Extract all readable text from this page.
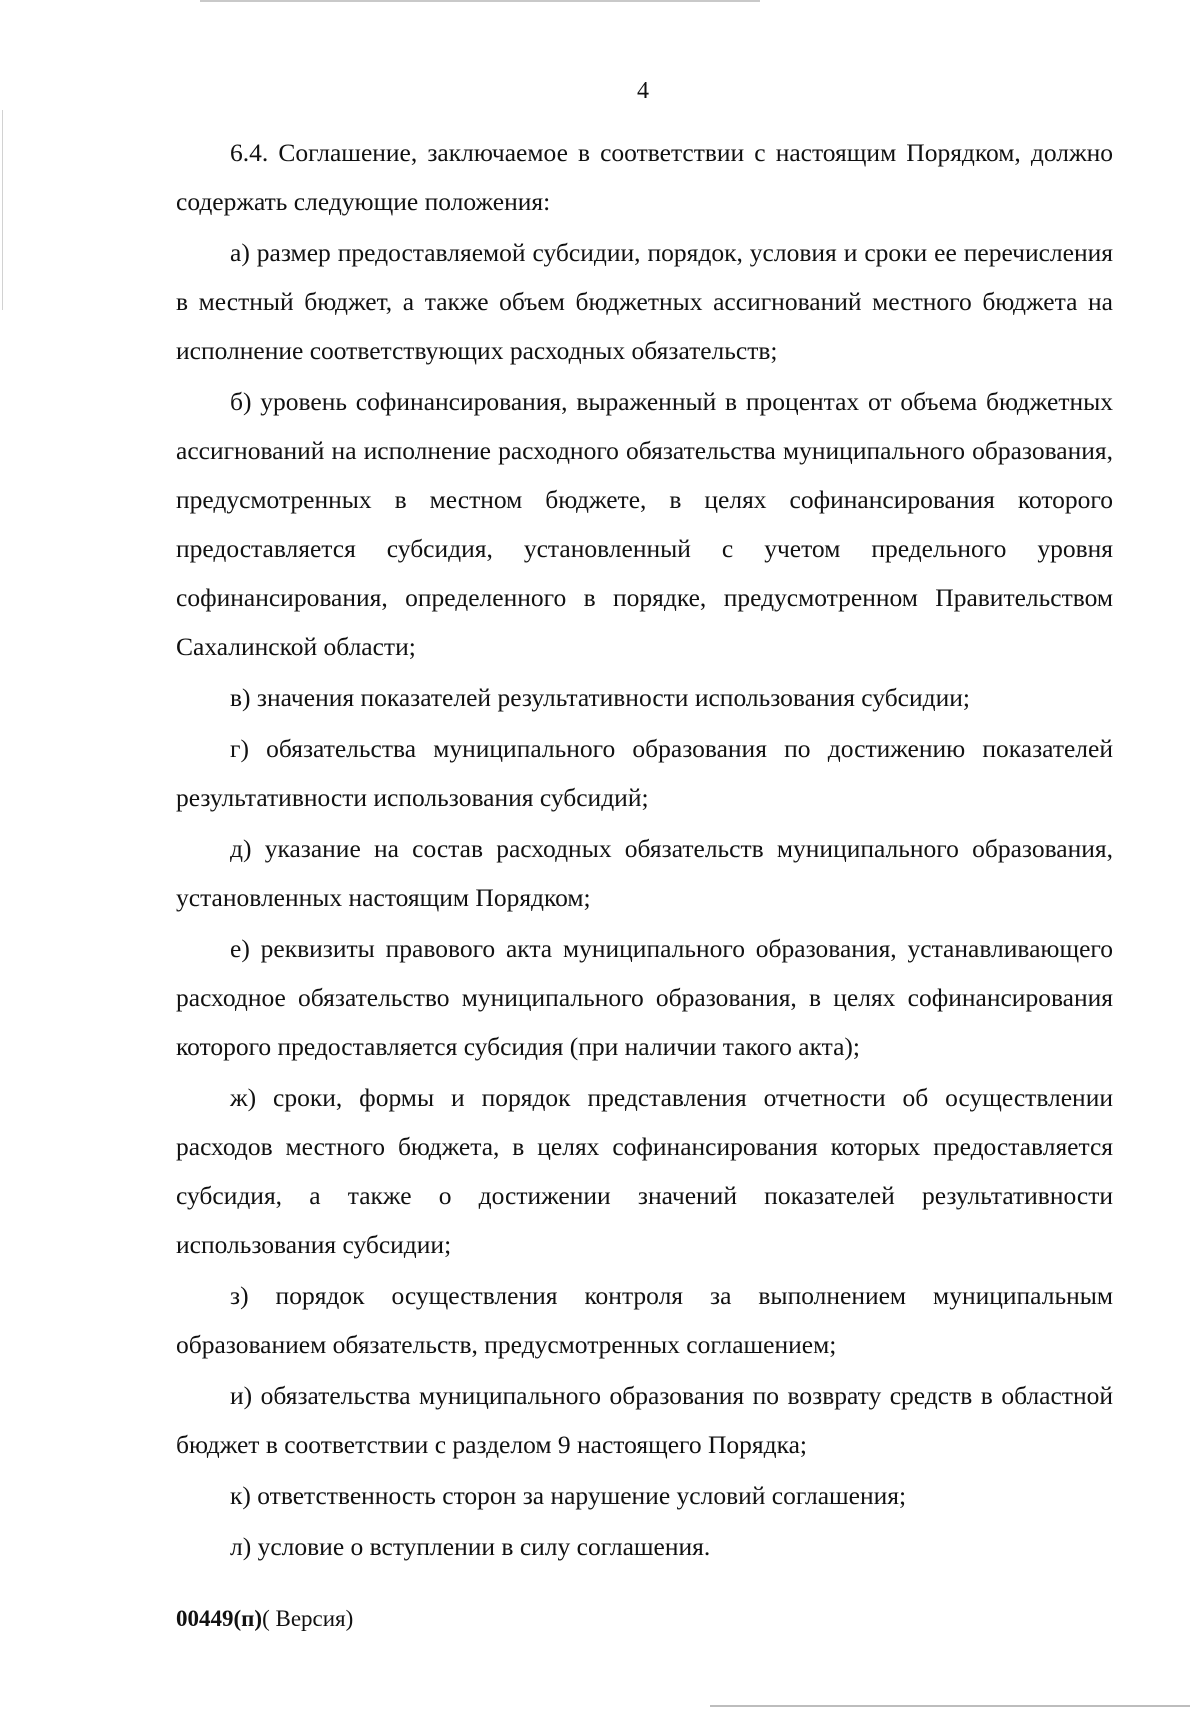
4

6.4. Соглашение, заключаемое в соответствии с настоящим Порядком, должно содержать следующие положения:

а) размер предоставляемой субсидии, порядок, условия и сроки ее перечисления в местный бюджет, а также объем бюджетных ассигнований местного бюджета на исполнение соответствующих расходных обязательств;

б) уровень софинансирования, выраженный в процентах от объема бюджетных ассигнований на исполнение расходного обязательства муниципального образования, предусмотренных в местном бюджете, в целях софинансирования которого предоставляется субсидия, установленный с учетом предельного уровня софинансирования, определенного в порядке, предусмотренном Правительством Сахалинской области;

в) значения показателей результативности использования субсидии;

г) обязательства муниципального образования по достижению показателей результативности использования субсидий;

д) указание на состав расходных обязательств муниципального образования, установленных настоящим Порядком;

е) реквизиты правового акта муниципального образования, устанавливающего расходное обязательство муниципального образования, в целях софинансирования которого предоставляется субсидия (при наличии такого акта);

ж) сроки, формы и порядок представления отчетности об осуществлении расходов местного бюджета, в целях софинансирования которых предоставляется субсидия, а также о достижении значений показателей результативности использования субсидии;

з) порядок осуществления контроля за выполнением муниципальным образованием обязательств, предусмотренных соглашением;

и) обязательства муниципального образования по возврату средств в областной бюджет в соответствии с разделом 9 настоящего Порядка;

к) ответственность сторон за нарушение условий соглашения;

л) условие о вступлении в силу соглашения.

00449(п)( Версия)
